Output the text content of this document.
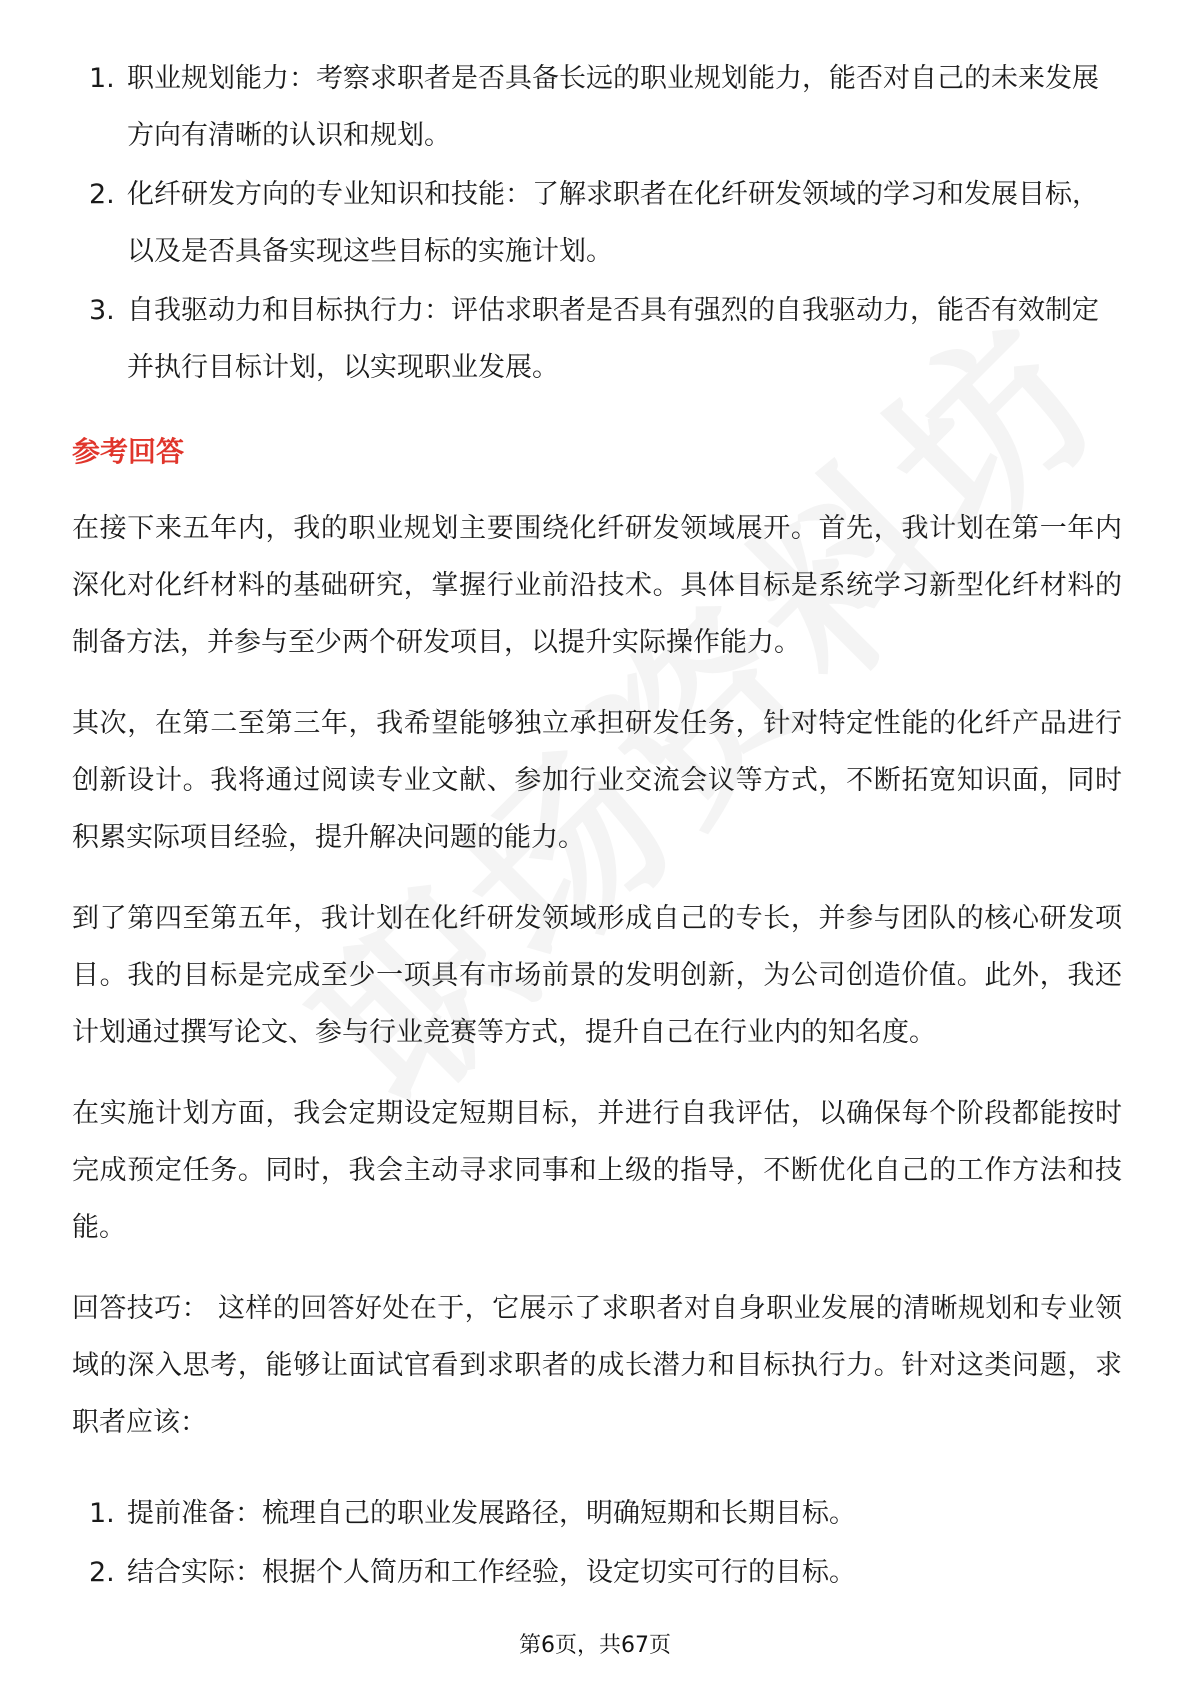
1. 职业规划能力：考察求职者是否具备长远的职业规划能力，能否对自己的未来发展方向有清晰的认识和规划。
2. 化纤研发方向的专业知识和技能：了解求职者在化纤研发领域的学习和发展目标，以及是否具备实现这些目标的实施计划。
3. 自我驱动力和目标执行力：评估求职者是否具有强烈的自我驱动力，能否有效制定并执行目标计划，以实现职业发展。
参考回答

在接下来五年内，我的职业规划主要围绕化纤研发领域展开。首先，我计划在第一年内深化对化纤材料的基础研究，掌握行业前沿技术。具体目标是系统学习新型化纤材料的制备方法，并参与至少两个研发项目，以提升实际操作能力。

其次，在第二至第三年，我希望能够独立承担研发任务，针对特定性能的化纤产品进行创新设计。我将通过阅读专业文献、参加行业交流会议等方式，不断拓宽知识面，同时积累实际项目经验，提升解决问题的能力。

到了第四至第五年，我计划在化纤研发领域形成自己的专长，并参与团队的核心研发项目。我的目标是完成至少一项具有市场前景的发明创新，为公司创造价值。此外，我还计划通过撰写论文、参与行业竞赛等方式，提升自己在行业内的知名度。

在实施计划方面，我会定期设定短期目标，并进行自我评估，以确保每个阶段都能按时完成预定任务。同时，我会主动寻求同事和上级的指导，不断优化自己的工作方法和技能。

回答技巧： 这样的回答好处在于，它展示了求职者对自身职业发展的清晰规划和专业领域的深入思考，能够让面试官看到求职者的成长潜力和目标执行力。针对这类问题，求职者应该：

1. 提前准备：梳理自己的职业发展路径，明确短期和长期目标。
2. 结合实际：根据个人简历和工作经验，设定切实可行的目标。
第6页，共67页
